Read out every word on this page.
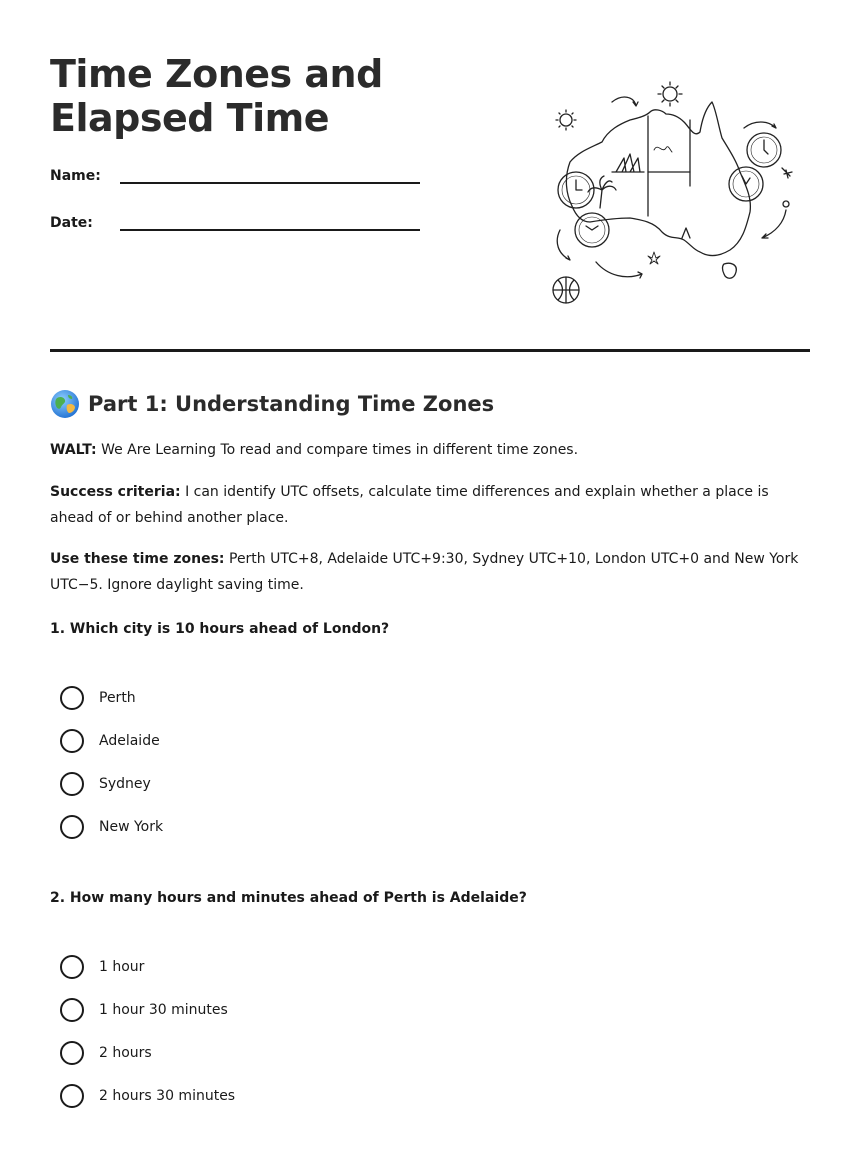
Time Zones and Elapsed Time
Name:
Date:
Part 1: Understanding Time Zones

WALT: We Are Learning To read and compare times in different time zones.

Success criteria: I can identify UTC offsets, calculate time differences and explain whether a place is ahead of or behind another place.

Use these time zones: Perth UTC+8, Adelaide UTC+9:30, Sydney UTC+10, London UTC+0 and New York UTC−5. Ignore daylight saving time.

1. Which city is 10 hours ahead of London?
Perth
Adelaide
Sydney
New York
2. How many hours and minutes ahead of Perth is Adelaide?
1 hour
1 hour 30 minutes
2 hours
2 hours 30 minutes
